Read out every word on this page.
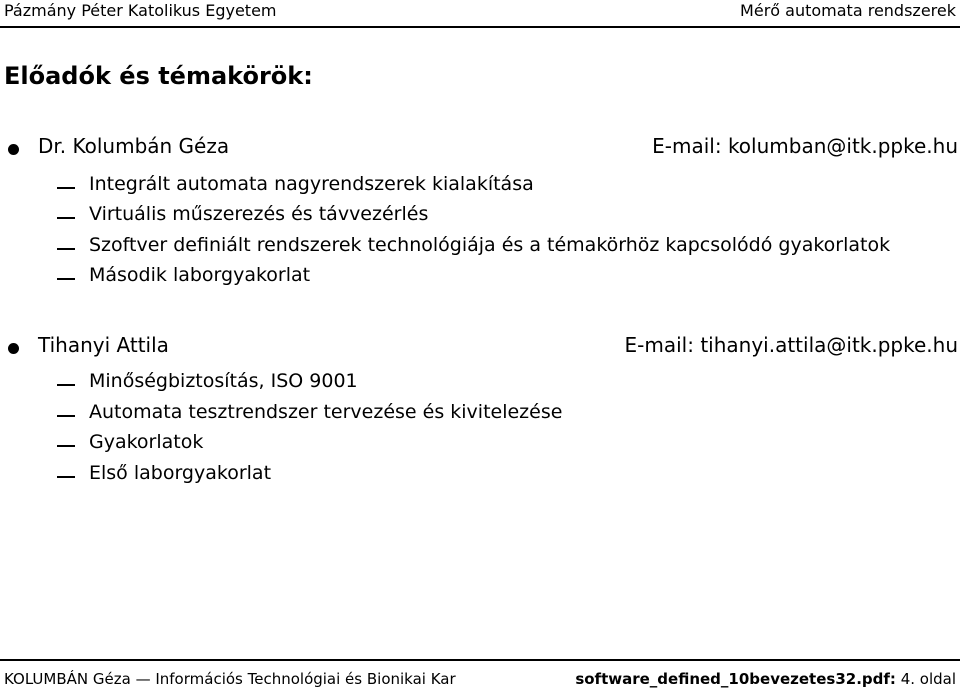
Pázmány Péter Katolikus Egyetem	Mérő automata rendszerek
Előadók és témakörök:
Dr. Kolumbán Géza	E-mail: kolumban@itk.ppke.hu
Integrált automata nagyrendszerek kialakítása
Virtuális műszerezés és távvezérlés
Szoftver definiált rendszerek technológiája és a témakörhöz kapcsolódó gyakorlatok
Második laborgyakorlat
Tihanyi Attila	E-mail: tihanyi.attila@itk.ppke.hu
Minőségbiztosítás, ISO 9001
Automata tesztrendszer tervezése és kivitelezése
Gyakorlatok
Első laborgyakorlat
KOLUMBÁN Géza — Információs Technológiai és Bionikai Kar	software_defined_10bevezetes32.pdf: 4. oldal
